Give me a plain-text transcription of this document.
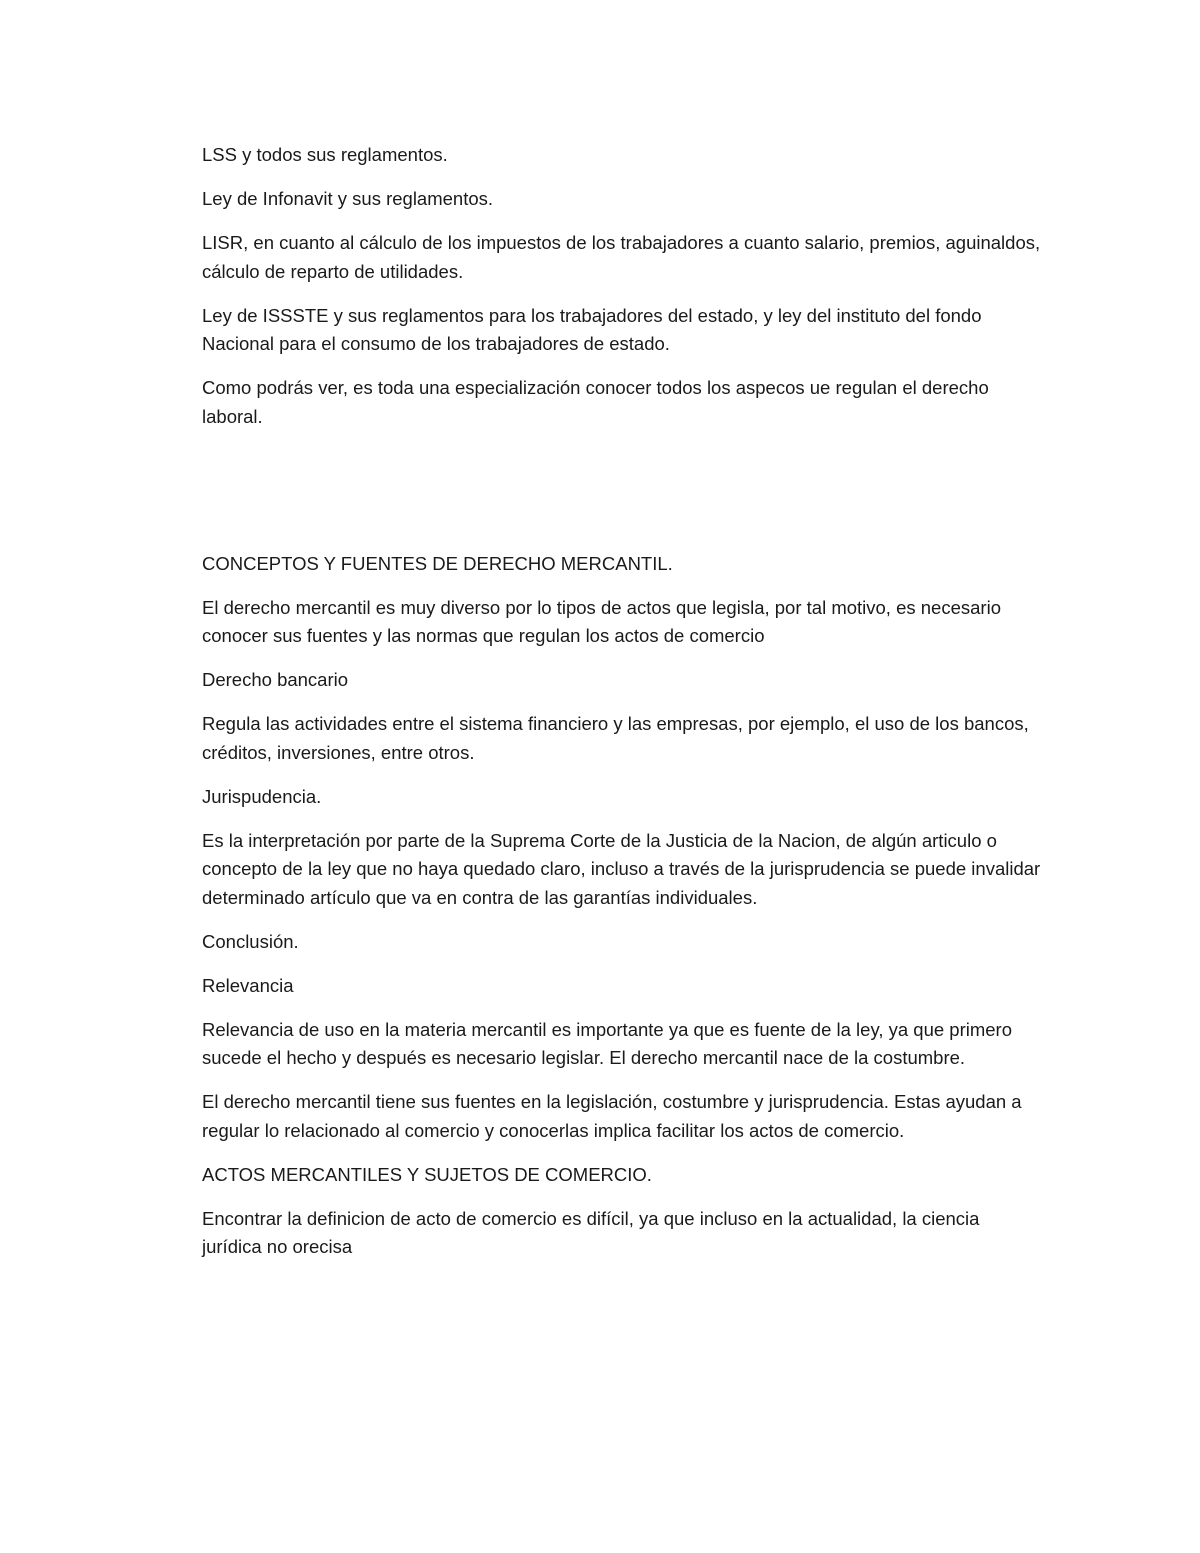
LSS y todos sus reglamentos.

Ley de Infonavit y sus reglamentos.

LISR, en cuanto al cálculo de los impuestos de los trabajadores a cuanto salario, premios, aguinaldos, cálculo de reparto de utilidades.

Ley de ISSSTE y sus reglamentos para los trabajadores del estado, y ley del instituto del fondo Nacional para el consumo de los trabajadores de estado.

Como podrás ver, es toda una especialización conocer todos los aspecos ue regulan el derecho laboral.

CONCEPTOS Y FUENTES DE DERECHO MERCANTIL.

El derecho mercantil es muy diverso por lo tipos de actos que legisla, por tal motivo, es necesario conocer sus fuentes y las normas que regulan los actos de comercio

Derecho bancario

Regula las actividades entre el sistema financiero y las empresas, por ejemplo, el uso de los bancos, créditos, inversiones, entre otros.

Jurispudencia.

Es la interpretación por parte de la Suprema Corte de la Justicia de la Nacion, de algún articulo o concepto de la ley que no haya quedado claro, incluso a través de la jurisprudencia se puede invalidar determinado artículo que va en contra de las garantías individuales.

Conclusión.

Relevancia

Relevancia de uso en la materia mercantil es importante ya que es fuente de la ley, ya que primero sucede el hecho y después es necesario legislar. El derecho mercantil nace de la costumbre.

El derecho mercantil tiene sus fuentes en la legislación, costumbre y jurisprudencia. Estas ayudan a regular lo relacionado al comercio y conocerlas implica facilitar los actos de comercio.

ACTOS MERCANTILES Y SUJETOS DE COMERCIO.

Encontrar la definicion de acto de comercio es difícil, ya que incluso en la actualidad, la ciencia jurídica no orecisa
